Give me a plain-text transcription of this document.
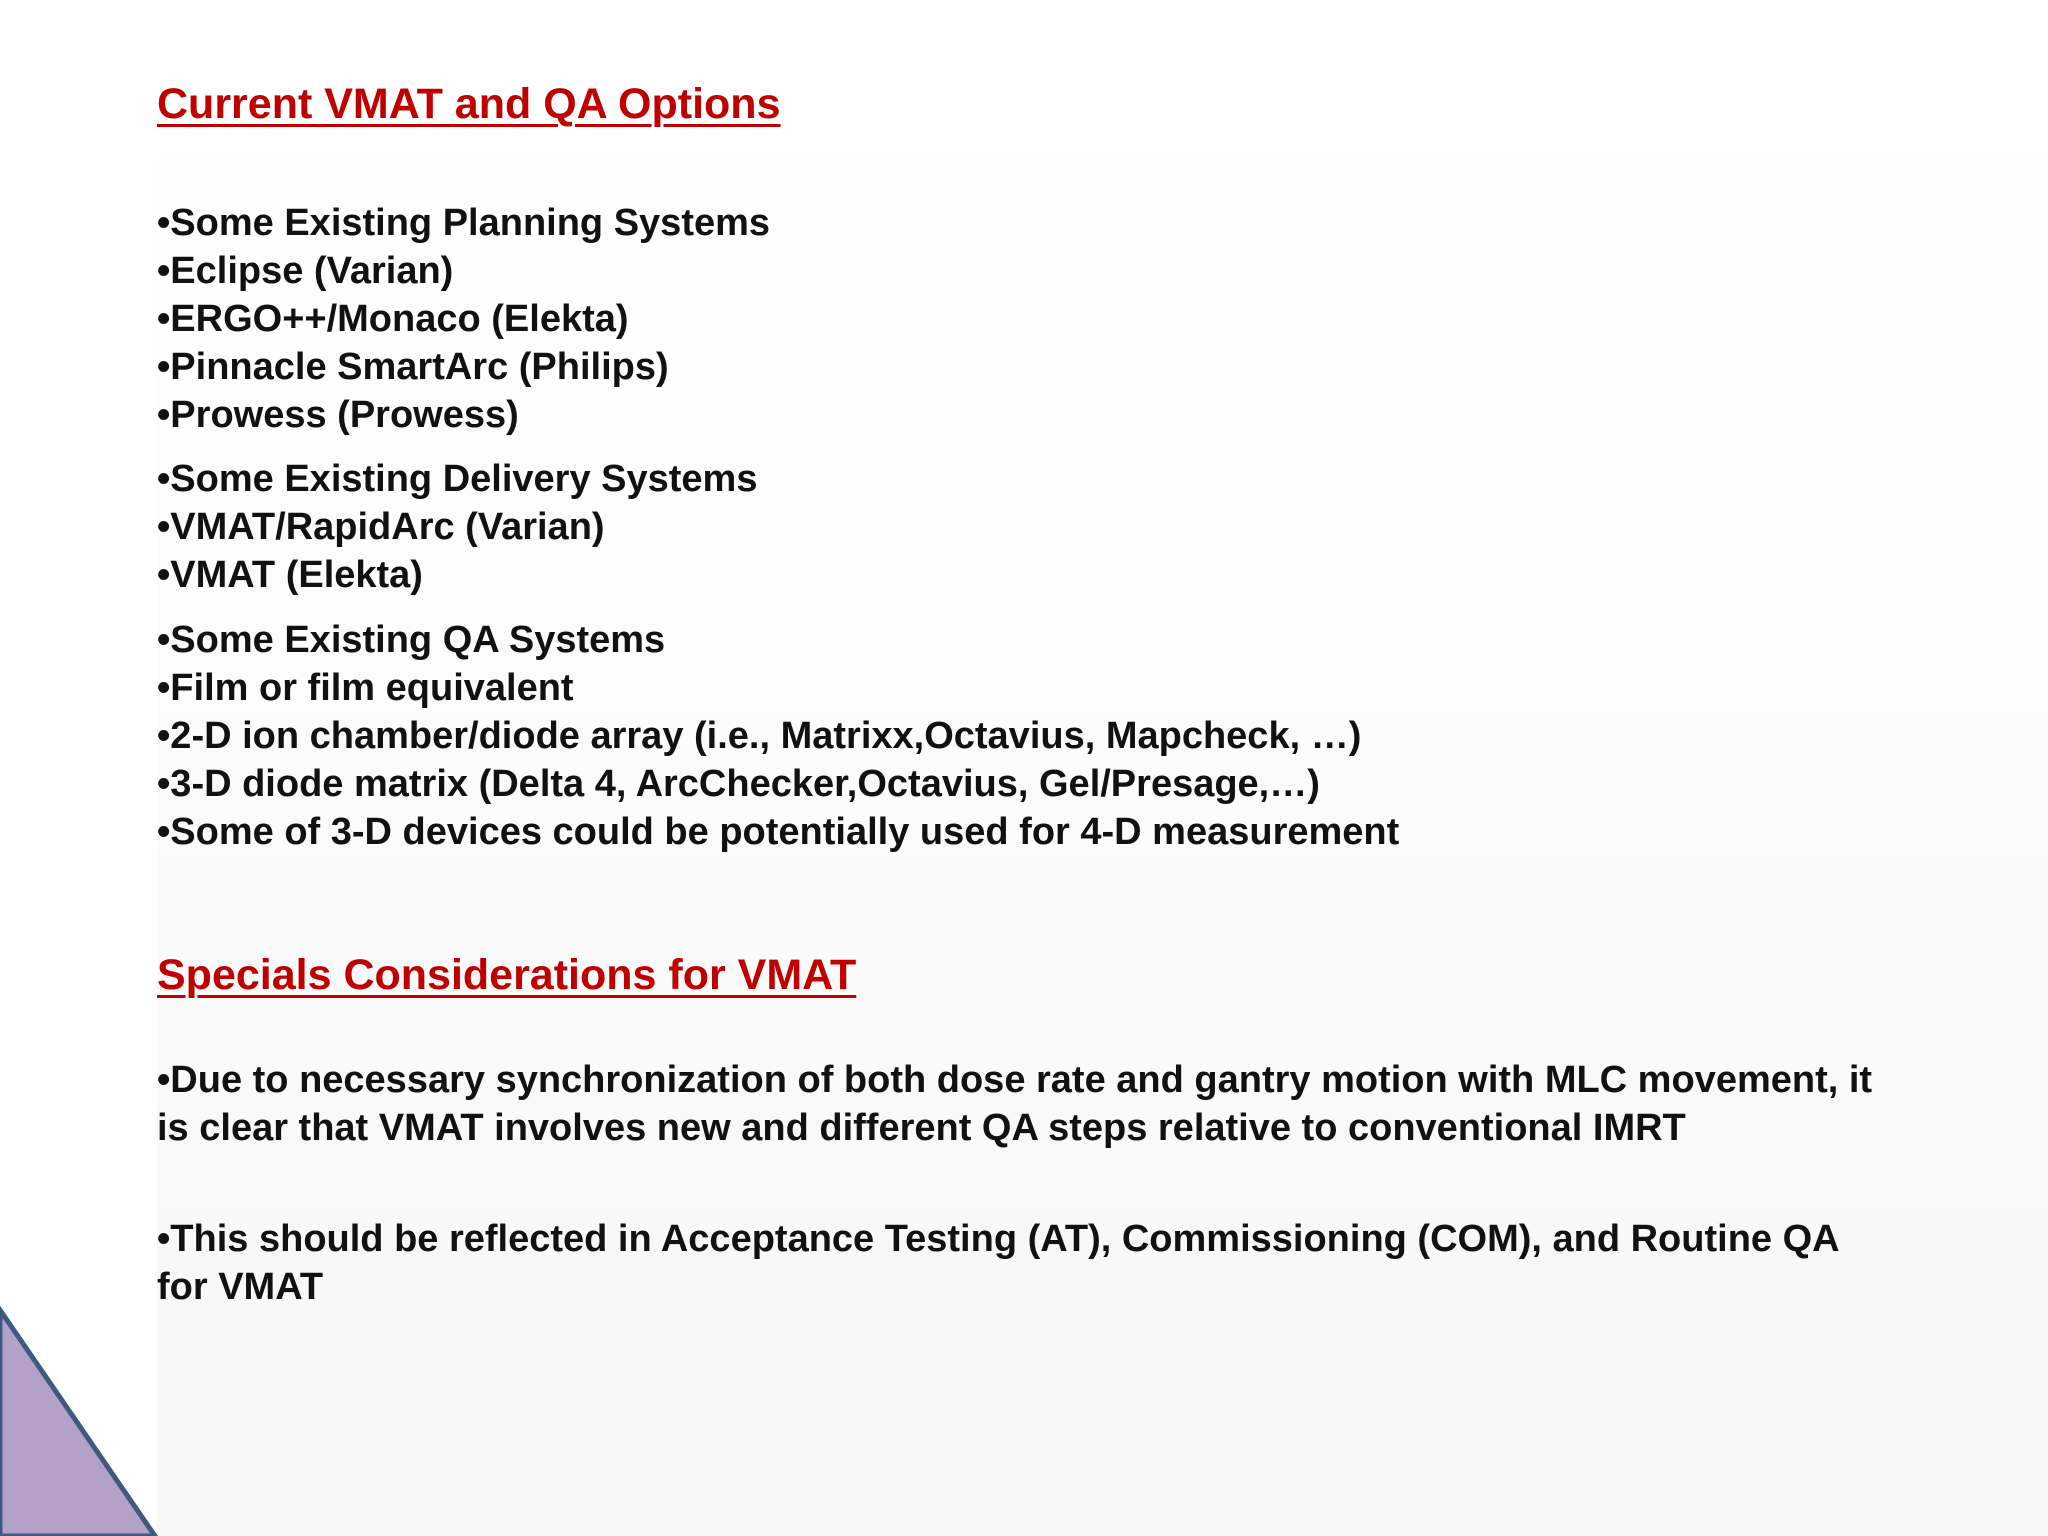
Current VMAT and QA Options
•Some Existing Planning Systems
•Eclipse (Varian)
•ERGO++/Monaco (Elekta)
•Pinnacle SmartArc (Philips)
•Prowess (Prowess)
•Some Existing Delivery Systems
•VMAT/RapidArc (Varian)
•VMAT (Elekta)
•Some Existing QA Systems
•Film or film equivalent
•2-D ion chamber/diode array (i.e., Matrixx,Octavius, Mapcheck, …)
•3-D diode matrix (Delta 4, ArcChecker,Octavius, Gel/Presage,…)
•Some of 3-D devices could be potentially used for 4-D measurement
Specials Considerations for VMAT

•Due to necessary synchronization of both dose rate and gantry motion with MLC movement, it is clear that VMAT involves new and different QA steps relative to conventional IMRT

•This should be reflected in Acceptance Testing (AT), Commissioning (COM), and Routine QA for VMAT
